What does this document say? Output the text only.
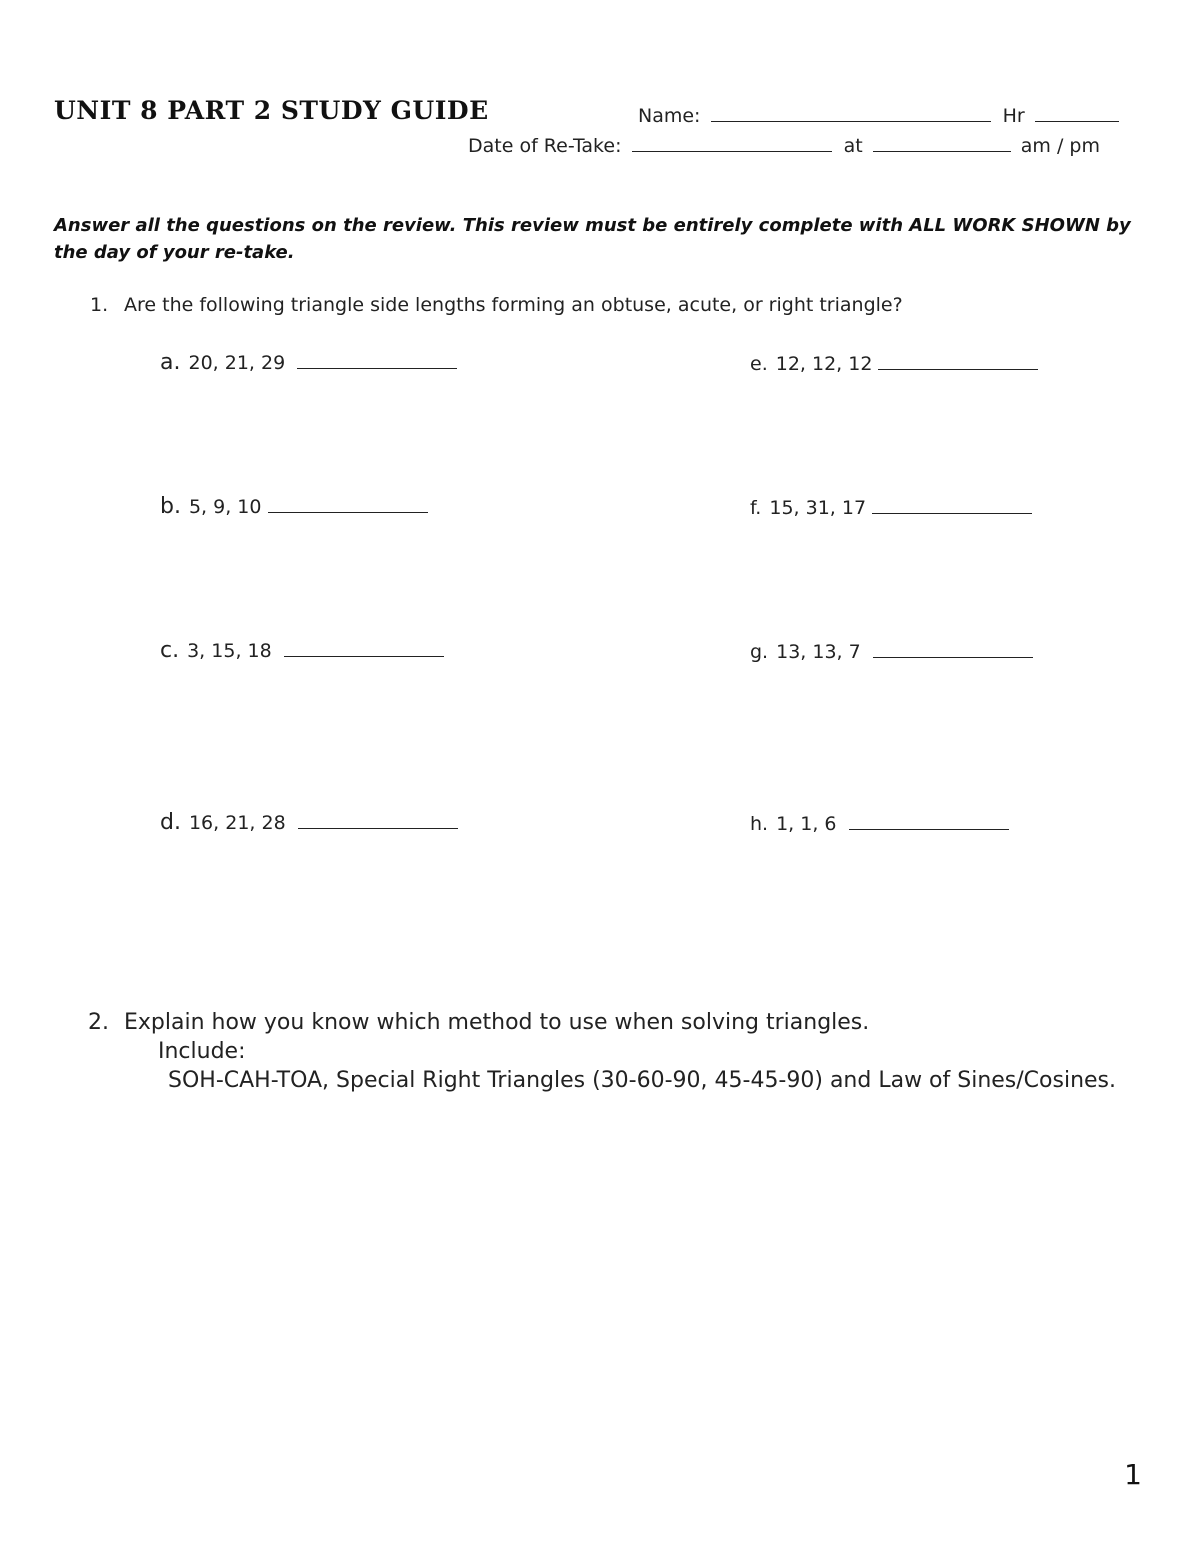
UNIT 8 PART 2 STUDY GUIDE	Name:	Hr
Date of Re-Take:	at	am / pm
Answer all the questions on the review. This review must be entirely complete with ALL WORK SHOWN by the day of your re-take.
1. Are the following triangle side lengths forming an obtuse, acute, or right triangle?
a. 20, 21, 29	e. 12, 12, 12
b. 5, 9, 10	f. 15, 31, 17
c. 3, 15, 18	g. 13, 13, 7
d. 16, 21, 28	h. 1, 1, 6
2. Explain how you know which method to use when solving triangles.
Include:
SOH-CAH-TOA, Special Right Triangles (30-60-90, 45-45-90) and Law of Sines/Cosines.
1
